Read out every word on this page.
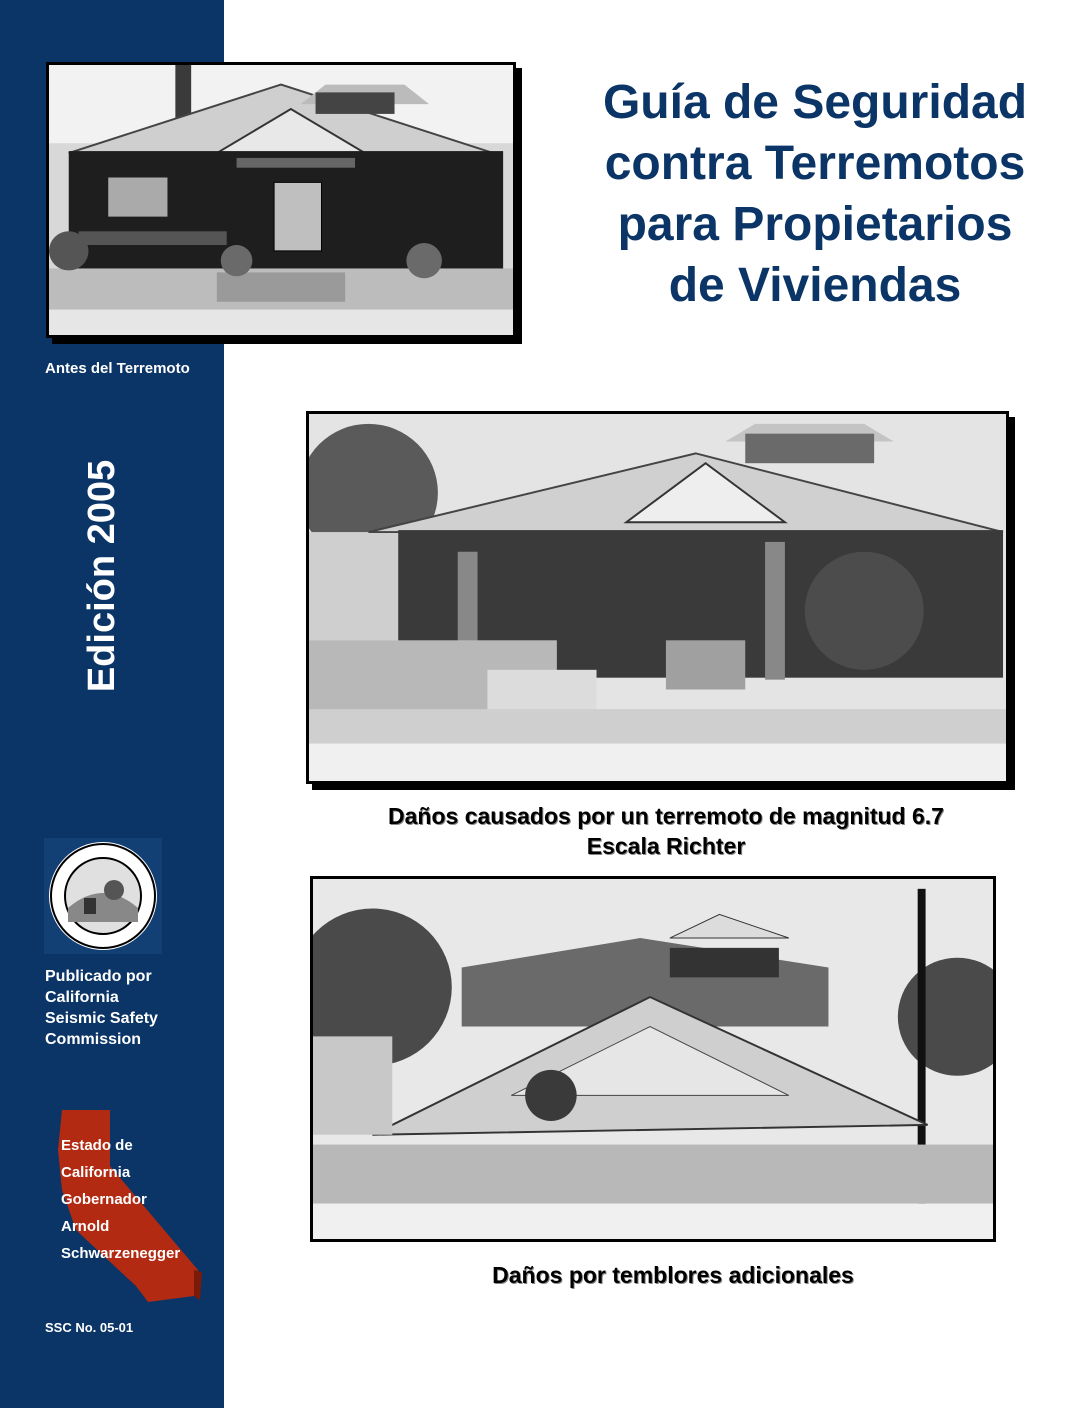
Antes del Terremoto
Guía de Seguridad
contra Terremotos
para Propietarios
de Viviendas
Edición 2005
Daños causados por un terremoto de magnitud 6.7
Escala Richter
Publicado por
California
Seismic Safety
Commission
Estado de
California
Gobernador
Arnold
Schwarzenegger
SSC No. 05-01
Daños por temblores adicionales
